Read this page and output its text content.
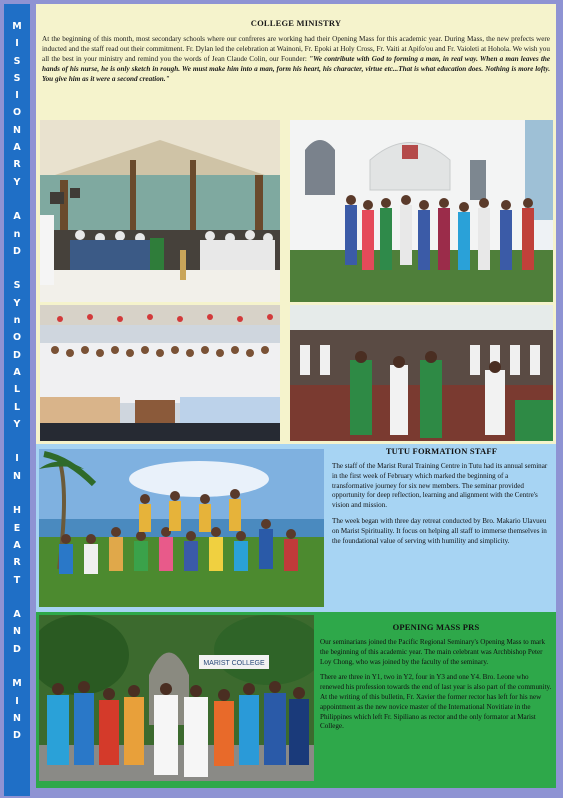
M
I
S
S
I
O
N
A
R
Y

A
n
D

S
Y
n
O
D
A
L
L
Y

I
N

H
E
A
R
T

A
N
D

M
I
N
D
COLLEGE MINISTRY

At the beginning of this month, most secondary schools where our confreres are working had their Opening Mass for this academic year. During Mass, the new prefects were inducted and the staff read out their commitment. Fr. Dylan led the celebration at Wainoni, Fr. Epoki at Holy Cross, Fr. Vaiti at Apifo'ou and Fr. Vaioleti at Hohola. We wish you all the best in your ministry and remind you the words of Jean Claude Colin, our Founder: "We contribute with God to forming a man, in real way. When a man leaves the hands of his nurse, he is only sketch in rough. We must make him into a man, form his heart, his character, virtue etc...That is what education does. Nothing is more lofty. You give him as it were a second creation."

TUTU FORMATION STAFF

The staff of the Marist Rural Training Centre in Tutu had its annual seminar in the first week of February which marked the beginning of a transformative journey for six new members. The seminar provided opportunity for deep reflection, learning and alignment with the Centre's vision and mission.

The week began with three day retreat conducted by Bro. Makario Ulavueu on Marist Spirituality. It focus on helping all staff to immerse themselves in the foundational value of serving with humility and simplicity.

MARIST COLLEGE
OPENING MASS PRS

Our seminarians joined the Pacific Regional Seminary's Opening Mass to mark the beginning of this academic year. The main celebrant was Archbishop Peter Loy Chong, who was joined by the faculty of the seminary.

There are three in Y1, two in Y2, four in Y3 and one Y4. Bro. Leone who renewed his profession towards the end of last year is also part of the community. At the writing of this bulletin, Fr. Xavier the former rector has left for his new appointment as the new novice master of the International Novitiate in the Philippines which left Fr. Sipiliano as rector and the only formator at Marist College.
